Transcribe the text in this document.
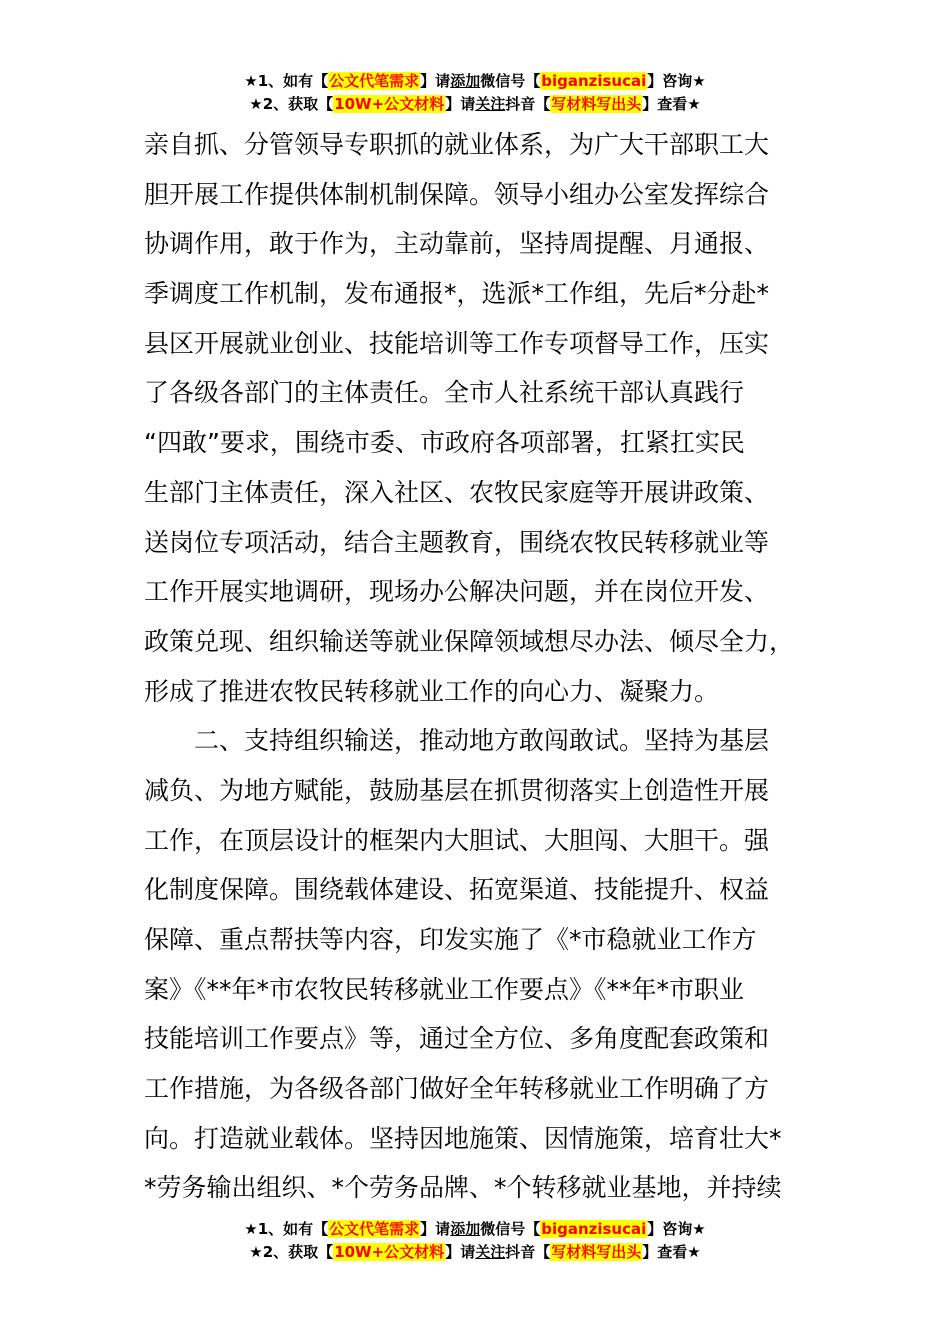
★1、如有【公文代笔需求】请添加微信号【biganzisucai】咨询★
★2、获取【10W+公文材料】请关注抖音【写材料写出头】查看★
亲自抓、分管领导专职抓的就业体系，为广大干部职工大
胆开展工作提供体制机制保障。领导小组办公室发挥综合
协调作用，敢于作为，主动靠前，坚持周提醒、月通报、
季调度工作机制，发布通报*，选派*工作组，先后*分赴*
县区开展就业创业、技能培训等工作专项督导工作，压实
了各级各部门的主体责任。全市人社系统干部认真践行
“四敢”要求，围绕市委、市政府各项部署，扛紧扛实民
生部门主体责任，深入社区、农牧民家庭等开展讲政策、
送岗位专项活动，结合主题教育，围绕农牧民转移就业等
工作开展实地调研，现场办公解决问题，并在岗位开发、
政策兑现、组织输送等就业保障领域想尽办法、倾尽全力，
形成了推进农牧民转移就业工作的向心力、凝聚力。
二、支持组织输送，推动地方敢闯敢试。坚持为基层
减负、为地方赋能，鼓励基层在抓贯彻落实上创造性开展
工作，在顶层设计的框架内大胆试、大胆闯、大胆干。强
化制度保障。围绕载体建设、拓宽渠道、技能提升、权益
保障、重点帮扶等内容，印发实施了《*市稳就业工作方
案》《**年*市农牧民转移就业工作要点》《**年*市职业
技能培训工作要点》等，通过全方位、多角度配套政策和
工作措施，为各级各部门做好全年转移就业工作明确了方
向。打造就业载体。坚持因地施策、因情施策，培育壮大*
*劳务输出组织、*个劳务品牌、*个转移就业基地，并持续
★1、如有【公文代笔需求】请添加微信号【biganzisucai】咨询★
★2、获取【10W+公文材料】请关注抖音【写材料写出头】查看★
